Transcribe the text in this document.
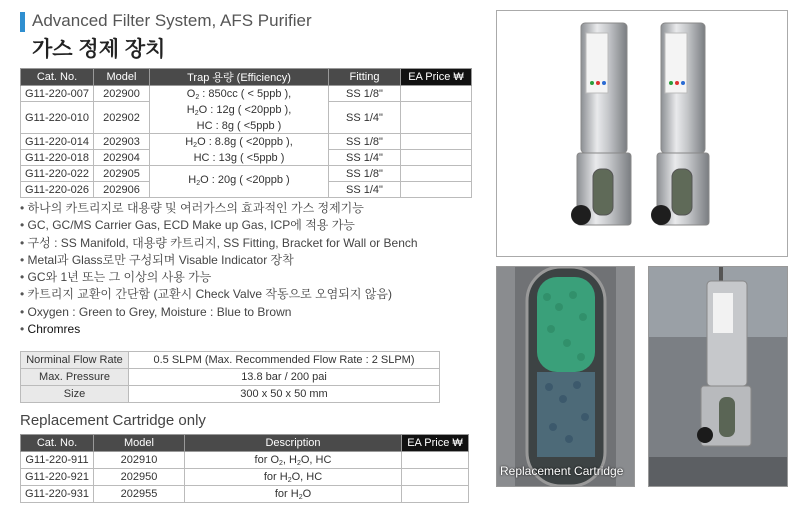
Advanced Filter System, AFS Purifier
가스 정제 장치
Cat. No.	Model	Trap 용량 (Efficiency)	Fitting	EA Price ₩
G11-220-007	202900	$O_2$ : 850cc ( < 5ppb ),
$H_2O$ : 12g ( <20ppb ),
HC : 8g ( <5ppb )	SS 1/8"	
G11-220-010	202902		SS 1/4"	
G11-220-014	202903	$H_2O$ : 8.8g ( <20ppb ),
HC : 13g ( <5ppb )	SS 1/8"	
G11-220-018	202904		SS 1/4"	
G11-220-022	202905	$H_2O$ : 20g ( <20ppb )	SS 1/8"	
G11-220-026	202906		SS 1/4"	
• 하나의 카트리지로 대용량 및 여러가스의 효과적인 가스 정제기능
• GC, GC/MS Carrier Gas, ECD Make up Gas, ICP에 적용 가능
• 구성 : SS Manifold, 대용량 카트리지, SS Fitting, Bracket for Wall or Bench
• Metal과 Glass로만 구성되며 Visable Indicator 장착
• GC와 1년 또는 그 이상의 사용 가능
• 카트리지 교환이 간단함 (교환시 Check Valve 작동으로 오염되지 않음)
• Oxygen : Green to Grey, Moisture : Blue to Brown
• Chromres
Norminal Flow Rate	0.5 SLPM (Max. Recommended Flow Rate : 2 SLPM)
Max. Pressure	13.8 bar / 200 pai
Size	300 x 50 x 50 mm
Replacement Cartridge only
Cat. No.	Model	Description	EA Price ₩
G11-220-911	202910	for $O_2$, $H_2O$, HC	
G11-220-921	202950	for $H_2O$, HC	
G11-220-931	202955	for $H_2O$	
Replacement Cartridge
